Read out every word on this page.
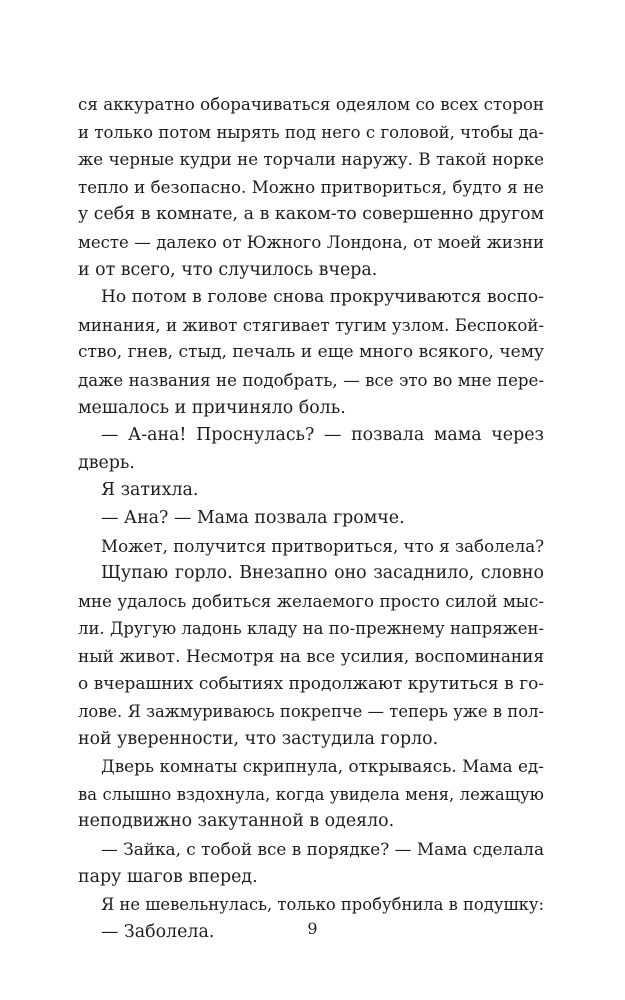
ся аккуратно оборачиваться одеялом со всех сторон
и только потом нырять под него с головой, чтобы да-
же черные кудри не торчали наружу. В такой норке
тепло и безопасно. Можно притвориться, будто я не
у себя в комнате, а в каком-то совершенно другом
месте — далеко от Южного Лондона, от моей жизни
и от всего, что случилось вчера.
Но потом в голове снова прокручиваются воспо-
минания, и живот стягивает тугим узлом. Беспокой-
ство, гнев, стыд, печаль и еще много всякого, чему
даже названия не подобрать, — все это во мне пере-
мешалось и причиняло боль.
— А-ана! Проснулась? — позвала мама через
дверь.
Я затихла.
— Ана? — Мама позвала громче.
Может, получится притвориться, что я заболела?
Щупаю горло. Внезапно оно засаднило, словно
мне удалось добиться желаемого просто силой мыс-
ли. Другую ладонь кладу на по-прежнему напряжен-
ный живот. Несмотря на все усилия, воспоминания
о вчерашних событиях продолжают крутиться в го-
лове. Я зажмуриваюсь покрепче — теперь уже в пол-
ной уверенности, что застудила горло.
Дверь комнаты скрипнула, открываясь. Мама ед-
ва слышно вздохнула, когда увидела меня, лежащую
неподвижно закутанной в одеяло.
— Зайка, с тобой все в порядке? — Мама сделала
пару шагов вперед.
Я не шевельнулась, только пробубнила в подушку:
— Заболела.	9
